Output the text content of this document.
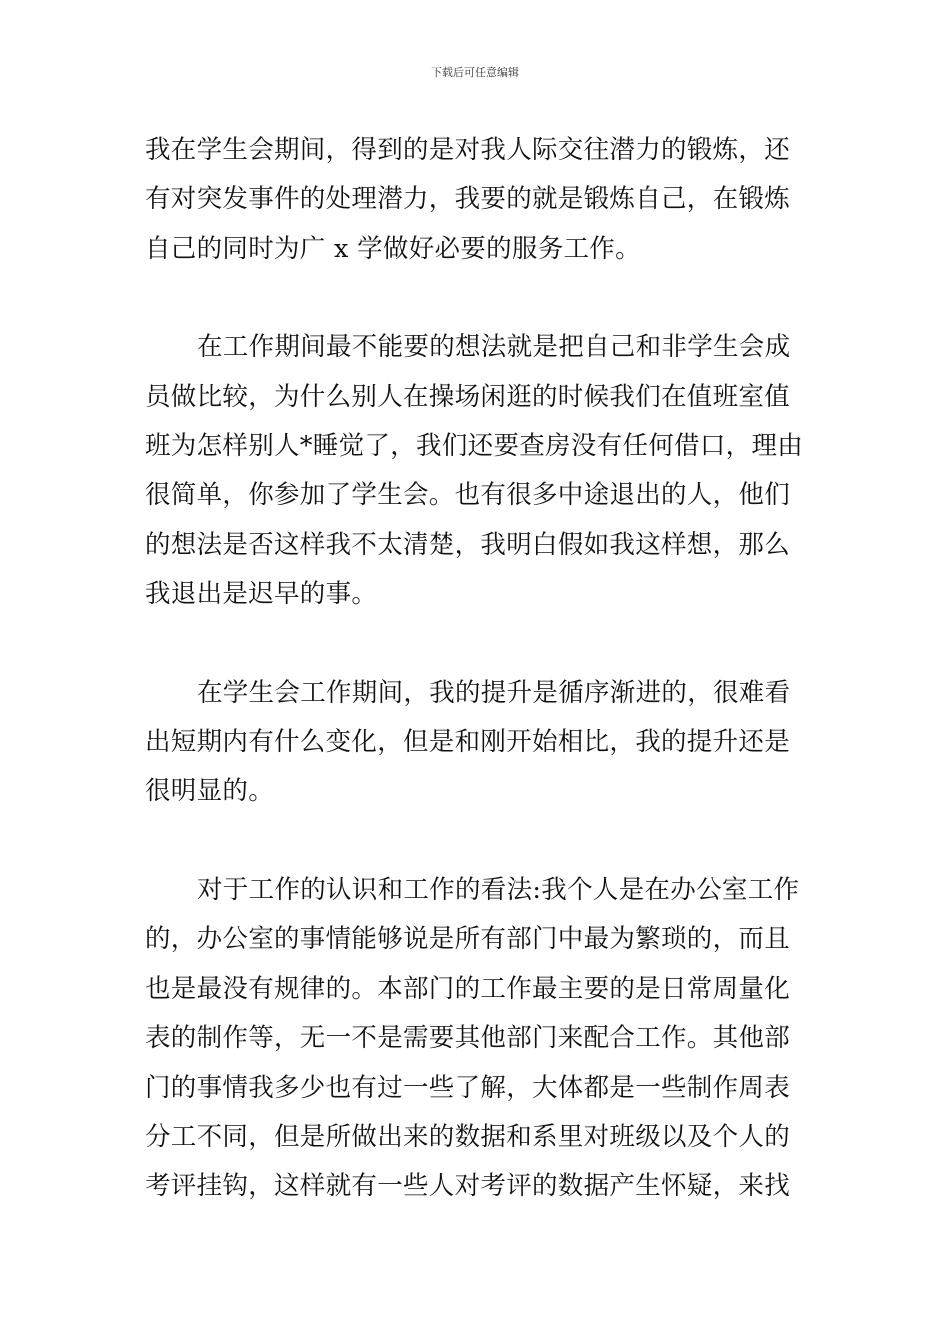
下载后可任意编辑

我在学生会期间，得到的是对我人际交往潜力的锻炼，还
有对突发事件的处理潜力，我要的就是锻炼自己，在锻炼
自己的同时为广 x 学做好必要的服务工作。

在工作期间最不能要的想法就是把自己和非学生会成
员做比较，为什么别人在操场闲逛的时候我们在值班室值
班为怎样别人*睡觉了，我们还要查房没有任何借口，理由
很简单，你参加了学生会。也有很多中途退出的人，他们
的想法是否这样我不太清楚，我明白假如我这样想，那么
我退出是迟早的事。

在学生会工作期间，我的提升是循序渐进的，很难看
出短期内有什么变化，但是和刚开始相比，我的提升还是
很明显的。

对于工作的认识和工作的看法:我个人是在办公室工作
的，办公室的事情能够说是所有部门中最为繁琐的，而且
也是最没有规律的。本部门的工作最主要的是日常周量化
表的制作等，无一不是需要其他部门来配合工作。其他部
门的事情我多少也有过一些了解，大体都是一些制作周表
分工不同，但是所做出来的数据和系里对班级以及个人的
考评挂钩，这样就有一些人对考评的数据产生怀疑，来找
